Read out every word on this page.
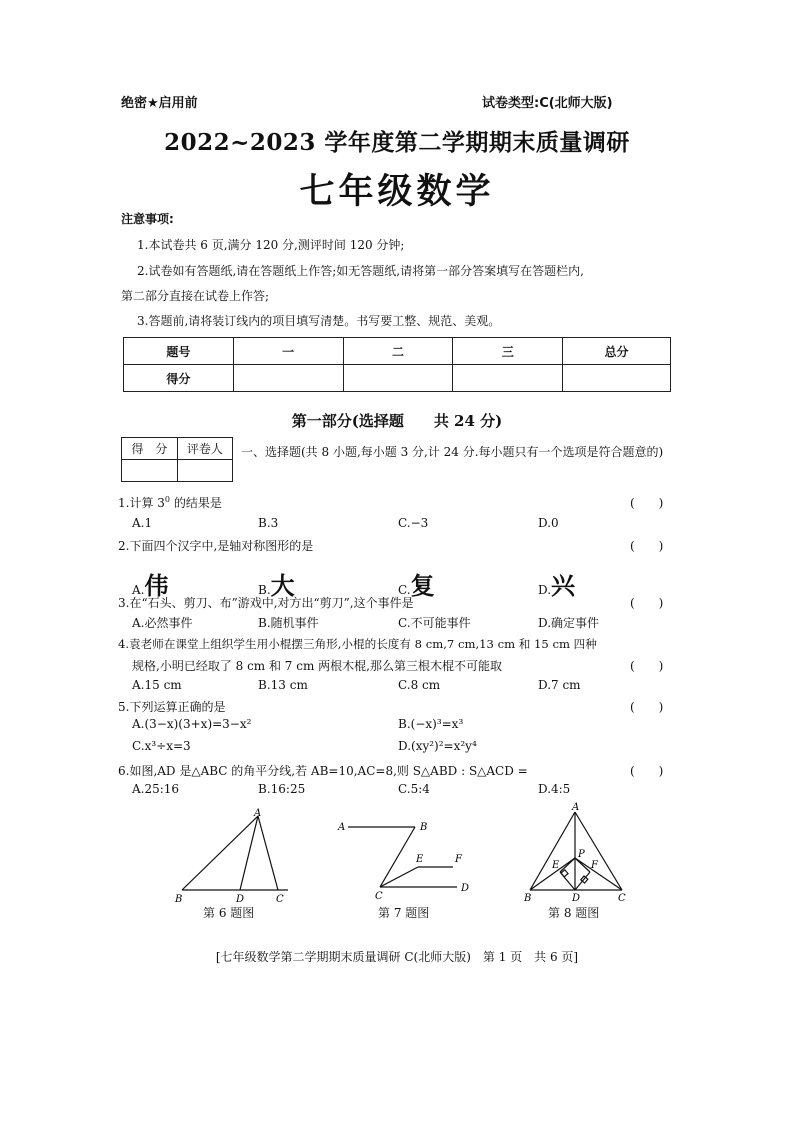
绝密★启用前	试卷类型:C(北师大版)
2022~2023 学年度第二学期期末质量调研
七年级数学
注意事项:
1.本试卷共 6 页,满分 120 分,测评时间 120 分钟;
2.试卷如有答题纸,请在答题纸上作答;如无答题纸,请将第一部分答案填写在答题栏内,
第二部分直接在试卷上作答;
3.答题前,请将装订线内的项目填写清楚。书写要工整、规范、美观。
题号	一	二	三	总分
得分				
第一部分(选择题　　共 24 分)
得　分	评卷人
	一、选择题(共 8 小题,每小题 3 分,计 24 分.每小题只有一个选项是符合题意的)
1.计算 $3^0$ 的结果是	(　　)
A.1	B.3	C.−3	D.0
2.下面四个汉字中,是轴对称图形的是	(　　)
A.伟	B.大	C.复	D.兴
3.在“石头、剪刀、布”游戏中,对方出“剪刀”,这个事件是	(　　)
A.必然事件	B.随机事件	C.不可能事件	D.确定事件
4.袁老师在课堂上组织学生用小棍摆三角形,小棍的长度有 8 cm,7 cm,13 cm 和 15 cm 四种
规格,小明已经取了 8 cm 和 7 cm 两根木棍,那么第三根木棍不可能取	(　　)
A.15 cm	B.13 cm	C.8 cm	D.7 cm
5.下列运算正确的是	(　　)
A.(3−x)(3+x)=3−x²	B.(−x)³=x³
C.x³÷x=3	D.(xy²)²=x²y⁴
6.如图,AD 是△ABC 的角平分线,若 AB=10,AC=8,则 S△ABD : S△ACD =	(　　)
A.25:16	B.16:25	C.5:4	D.4:5
A
B	D	C
第 6 题图
A	B
E	F
C
D
第 7 题图
A
P
E	F
B	D	C
第 8 题图
[七年级数学第二学期期末质量调研 C(北师大版)　第 1 页　共 6 页]
